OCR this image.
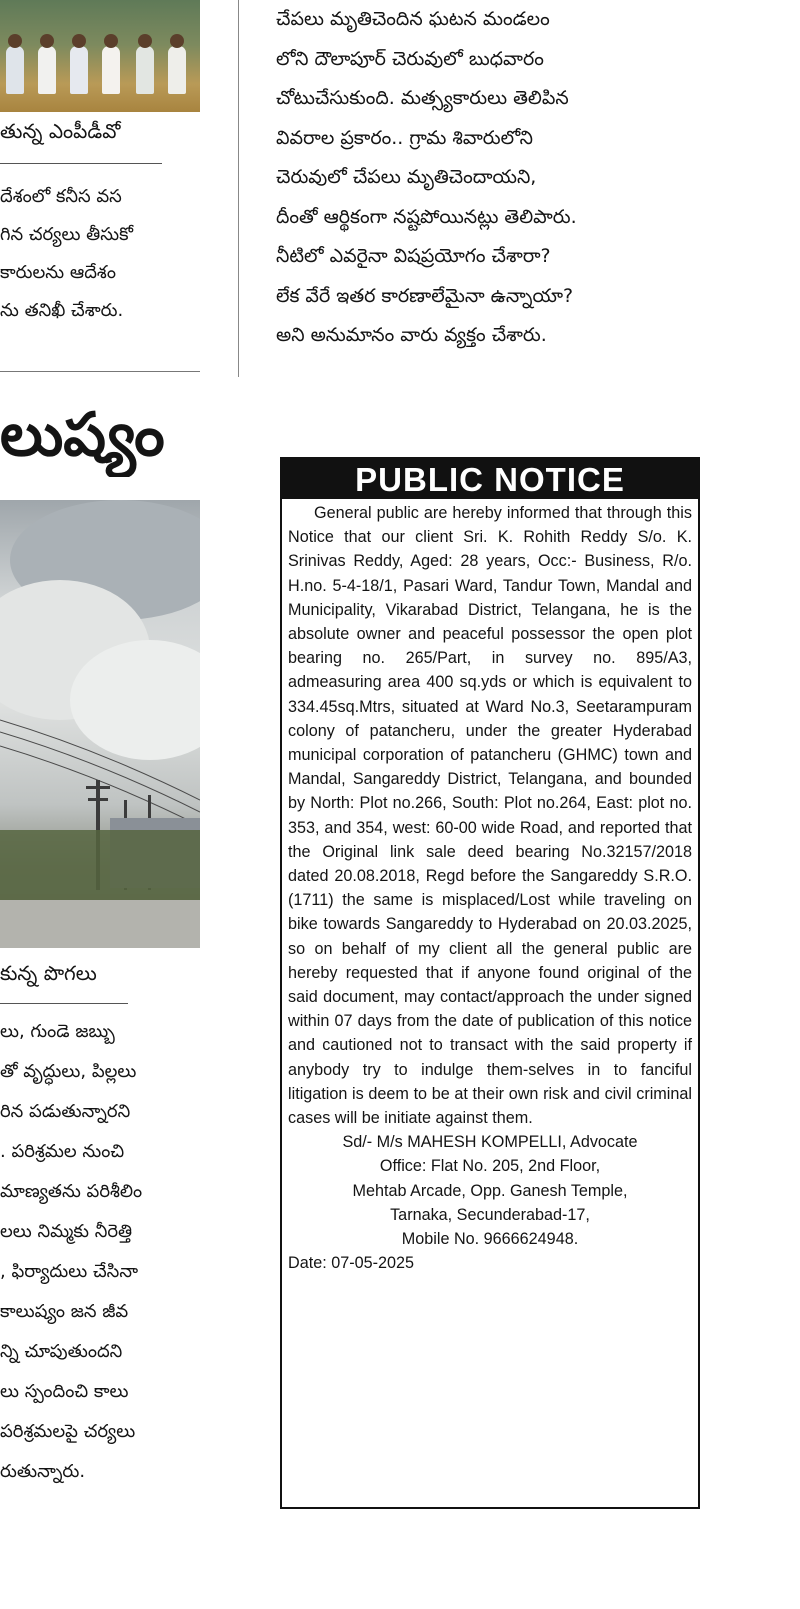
తున్న ఎంపీడీవో
దేశంలో కనీస వస
గిన చర్యలు తీసుకో
కారులను ఆదేశం
ను తనిఖీ చేశారు.
లుష్యం
కున్న పొగలు
లు, గుండె జబ్బు
తో వృద్ధులు, పిల్లలు
రిన పడుతున్నారని
. పరిశ్రమల నుంచి
మాణ్యతను పరిశీలిం
లలు నిమ్మకు నీరెత్తి
, ఫిర్యాదులు చేసినా
కాలుష్యం జన జీవ
న్ని చూపుతుందని
లు స్పందించి కాలు
పరిశ్రమలపై చర్యలు
రుతున్నారు.
చేపలు మృతిచెందిన ఘటన మండలం
లోని దౌలాపూర్ చెరువులో బుధవారం
చోటుచేసుకుంది. మత్స్యకారులు తెలిపిన
వివరాల ప్రకారం.. గ్రామ శివారులోని
చెరువులో చేపలు మృతిచెందాయని,
దీంతో ఆర్థికంగా నష్టపోయినట్లు తెలిపారు.
నీటిలో ఎవరైనా విషప్రయోగం చేశారా?
లేక వేరే ఇతర కారణాలేమైనా ఉన్నాయా?
అని అనుమానం వారు వ్యక్తం చేశారు.
PUBLIC NOTICE
General public are hereby informed that through this Notice that our client Sri. K. Rohith Reddy S/o. K. Srinivas Reddy, Aged: 28 years, Occ:- Business, R/o. H.no. 5-4-18/1, Pasari Ward, Tandur Town, Mandal and Municipality, Vikarabad District, Telangana, he is the absolute owner and peaceful possessor the open plot bearing no. 265/Part, in survey no. 895/A3, admeasuring area 400 sq.yds or which is equivalent to 334.45sq.Mtrs, situated at Ward No.3, Seetarampuram colony of patancheru, under the greater Hyderabad municipal corporation of patancheru (GHMC) town and Mandal, Sangareddy District, Telangana, and bounded by North: Plot no.266, South: Plot no.264, East: plot no. 353, and 354, west: 60-00 wide Road, and reported that the Original link sale deed bearing No.32157/2018 dated 20.08.2018, Regd before the Sangareddy S.R.O. (1711) the same is misplaced/Lost while traveling on bike towards Sangareddy to Hyderabad on 20.03.2025, so on behalf of my client all the general public are hereby requested that if anyone found original of the said document, may contact/approach the under signed within 07 days from the date of publication of this notice and cautioned not to transact with the said property if anybody try to indulge them-selves in to fanciful litigation is deem to be at their own risk and civil criminal cases will be initiate against them.
Sd/- M/s MAHESH KOMPELLI, Advocate
Office: Flat No. 205, 2nd Floor,
Mehtab Arcade, Opp. Ganesh Temple,
Tarnaka, Secunderabad-17,
Mobile No. 9666624948.
Date: 07-05-2025
